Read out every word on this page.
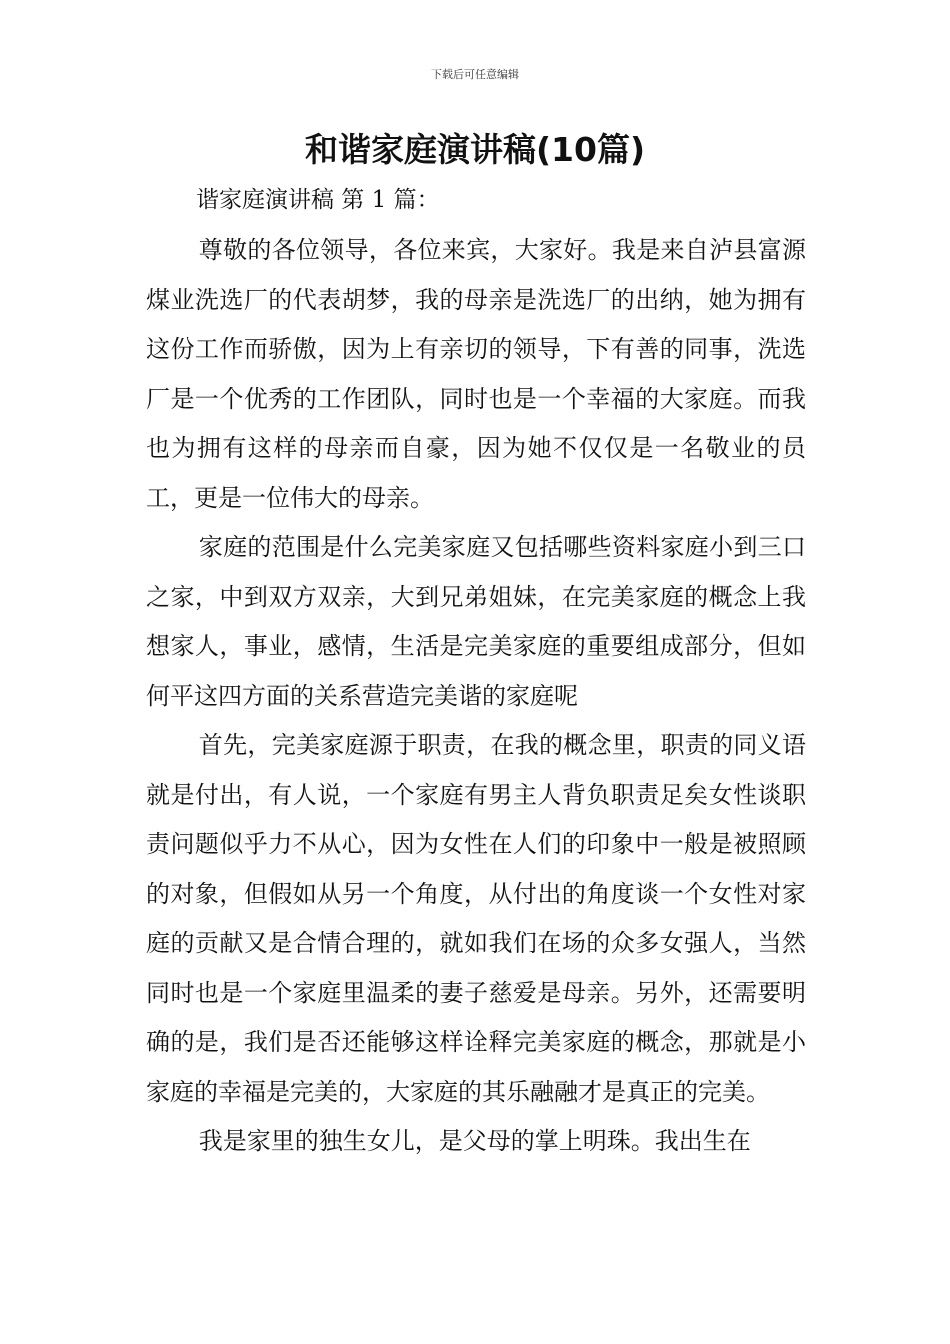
下载后可任意编辑
和谐家庭演讲稿(10篇)
谐家庭演讲稿 第 1 篇：

尊敬的各位领导，各位来宾，大家好。我是来自泸县富源煤业洗选厂的代表胡梦，我的母亲是洗选厂的出纳，她为拥有这份工作而骄傲，因为上有亲切的领导，下有善的同事，洗选厂是一个优秀的工作团队，同时也是一个幸福的大家庭。而我也为拥有这样的母亲而自豪，因为她不仅仅是一名敬业的员工，更是一位伟大的母亲。

家庭的范围是什么完美家庭又包括哪些资料家庭小到三口之家，中到双方双亲，大到兄弟姐妹，在完美家庭的概念上我想家人，事业，感情，生活是完美家庭的重要组成部分，但如何平这四方面的关系营造完美谐的家庭呢

首先，完美家庭源于职责，在我的概念里，职责的同义语就是付出，有人说，一个家庭有男主人背负职责足矣女性谈职责问题似乎力不从心，因为女性在人们的印象中一般是被照顾的对象，但假如从另一个角度，从付出的角度谈一个女性对家庭的贡献又是合情合理的，就如我们在场的众多女强人，当然同时也是一个家庭里温柔的妻子慈爱是母亲。另外，还需要明确的是，我们是否还能够这样诠释完美家庭的概念，那就是小家庭的幸福是完美的，大家庭的其乐融融才是真正的完美。

我是家里的独生女儿，是父母的掌上明珠。我出生在
